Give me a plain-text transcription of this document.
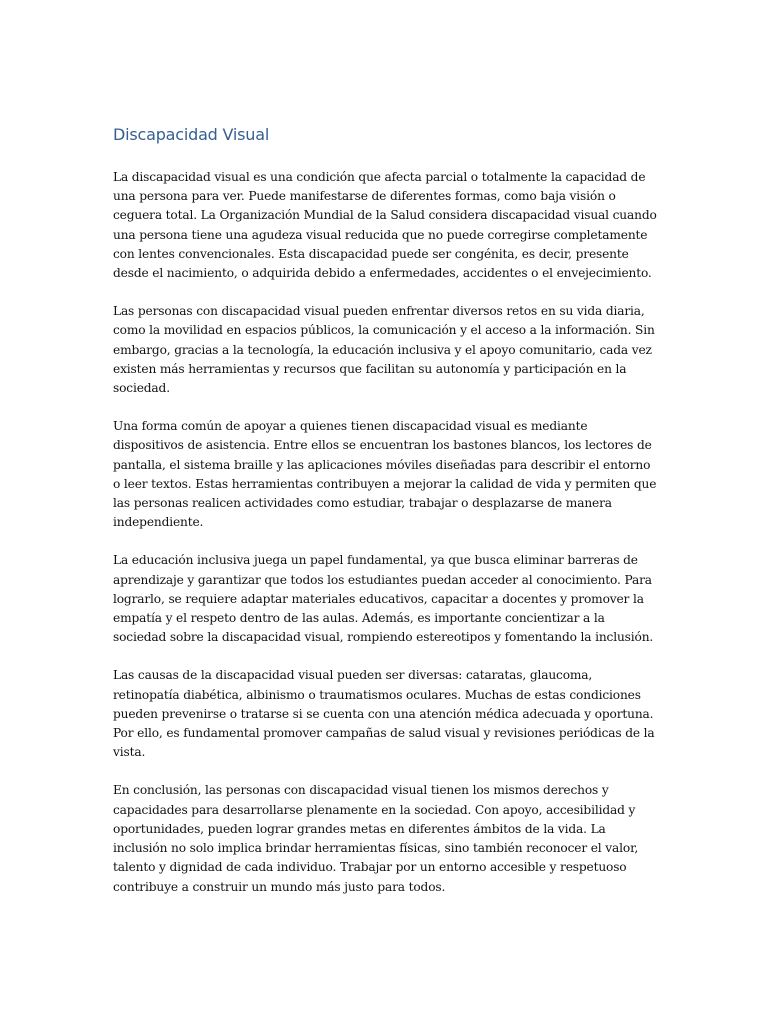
Discapacidad Visual

La discapacidad visual es una condición que afecta parcial o totalmente la capacidad de una persona para ver. Puede manifestarse de diferentes formas, como baja visión o ceguera total. La Organización Mundial de la Salud considera discapacidad visual cuando una persona tiene una agudeza visual reducida que no puede corregirse completamente con lentes convencionales. Esta discapacidad puede ser congénita, es decir, presente desde el nacimiento, o adquirida debido a enfermedades, accidentes o el envejecimiento.

Las personas con discapacidad visual pueden enfrentar diversos retos en su vida diaria, como la movilidad en espacios públicos, la comunicación y el acceso a la información. Sin embargo, gracias a la tecnología, la educación inclusiva y el apoyo comunitario, cada vez existen más herramientas y recursos que facilitan su autonomía y participación en la sociedad.

Una forma común de apoyar a quienes tienen discapacidad visual es mediante dispositivos de asistencia. Entre ellos se encuentran los bastones blancos, los lectores de pantalla, el sistema braille y las aplicaciones móviles diseñadas para describir el entorno o leer textos. Estas herramientas contribuyen a mejorar la calidad de vida y permiten que las personas realicen actividades como estudiar, trabajar o desplazarse de manera independiente.

La educación inclusiva juega un papel fundamental, ya que busca eliminar barreras de aprendizaje y garantizar que todos los estudiantes puedan acceder al conocimiento. Para lograrlo, se requiere adaptar materiales educativos, capacitar a docentes y promover la empatía y el respeto dentro de las aulas. Además, es importante concientizar a la sociedad sobre la discapacidad visual, rompiendo estereotipos y fomentando la inclusión.

Las causas de la discapacidad visual pueden ser diversas: cataratas, glaucoma, retinopatía diabética, albinismo o traumatismos oculares. Muchas de estas condiciones pueden prevenirse o tratarse si se cuenta con una atención médica adecuada y oportuna. Por ello, es fundamental promover campañas de salud visual y revisiones periódicas de la vista.

En conclusión, las personas con discapacidad visual tienen los mismos derechos y capacidades para desarrollarse plenamente en la sociedad. Con apoyo, accesibilidad y oportunidades, pueden lograr grandes metas en diferentes ámbitos de la vida. La inclusión no solo implica brindar herramientas físicas, sino también reconocer el valor, talento y dignidad de cada individuo. Trabajar por un entorno accesible y respetuoso contribuye a construir un mundo más justo para todos.
